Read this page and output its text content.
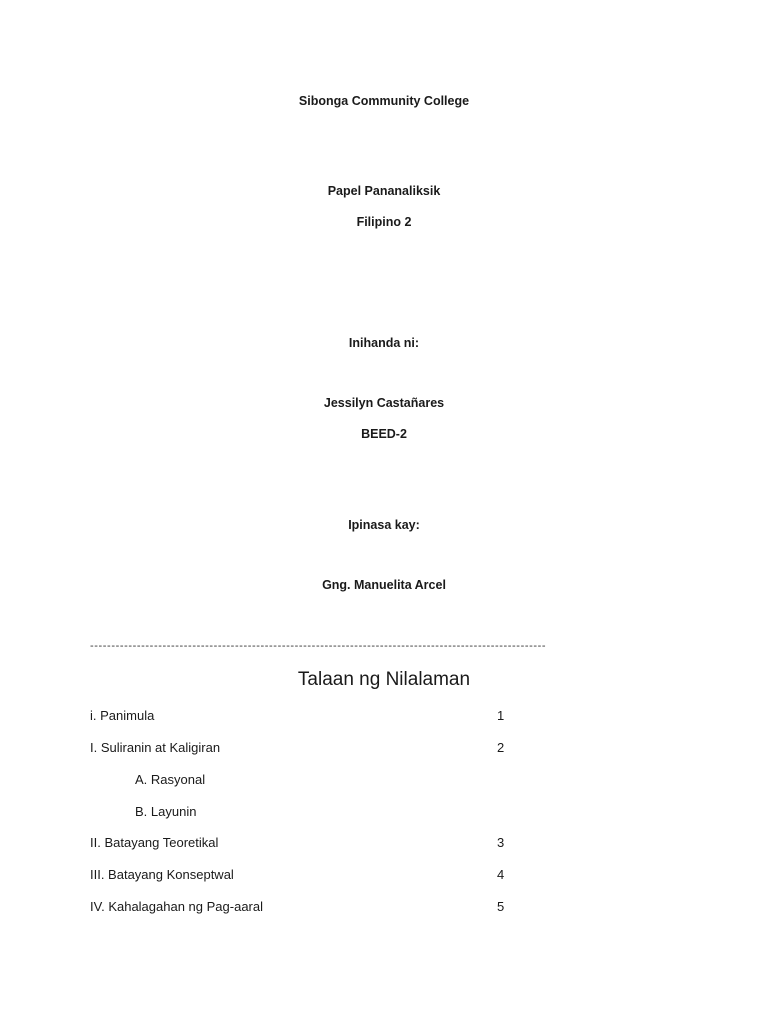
Sibonga Community College
Papel Pananaliksik
Filipino 2
Inihanda ni:
Jessilyn Castañares
BEED-2
Ipinasa kay:
Gng. Manuelita Arcel
-----------------------------------------------------------------------------------------------------------
Talaan ng Nilalaman
i. Panimula	1
I. Suliranin at Kaligiran	2
A. Rasyonal
B. Layunin
II. Batayang Teoretikal	3
III. Batayang Konseptwal	4
IV. Kahalagahan ng Pag-aaral	5
